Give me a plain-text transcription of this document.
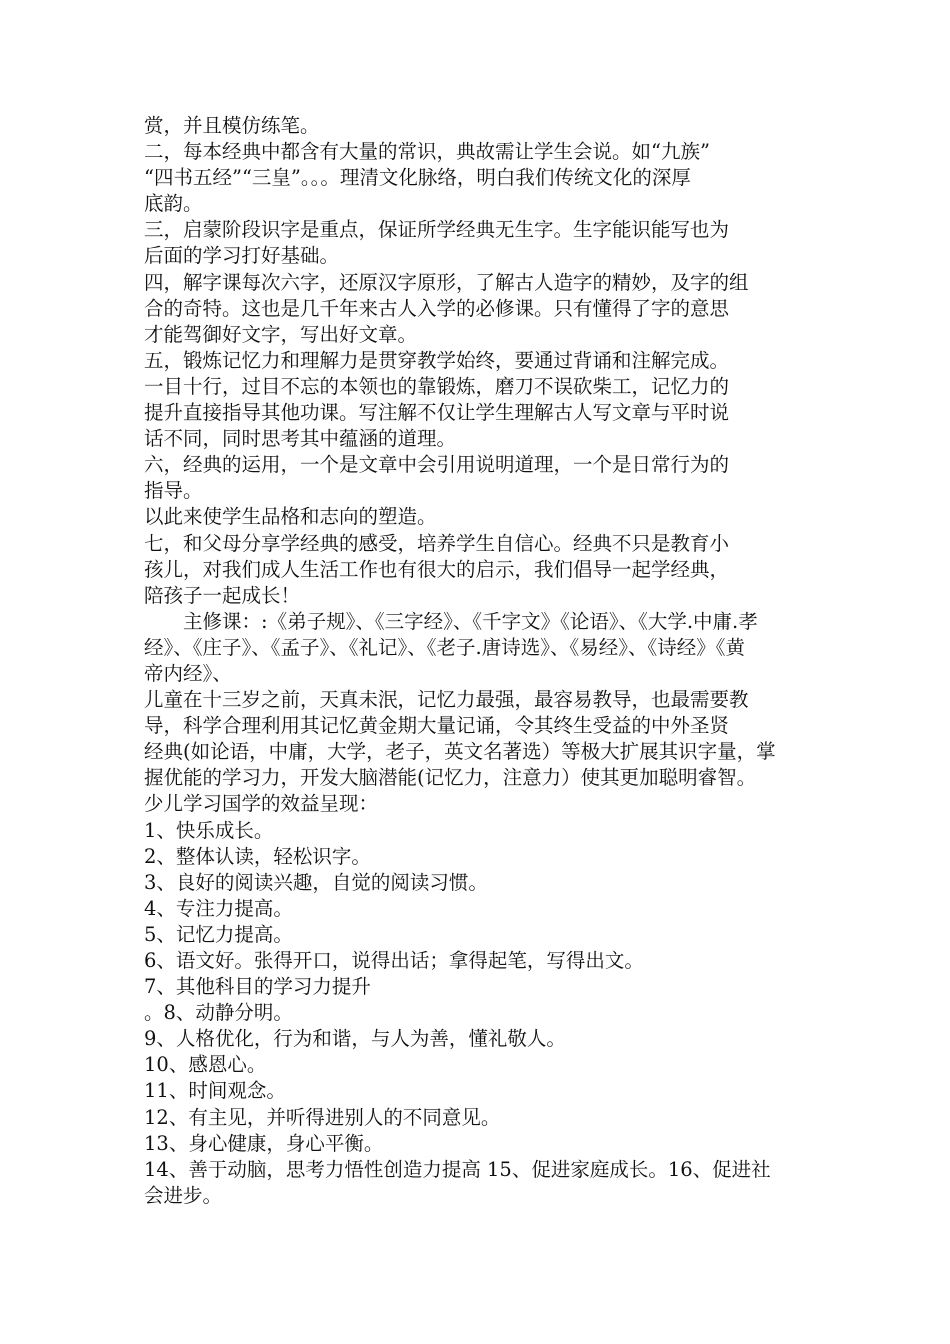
赏，并且模仿练笔。
二，每本经典中都含有大量的常识，典故需让学生会说。如“九族”
“四书五经”“三皇”。。。理清文化脉络，明白我们传统文化的深厚
底韵。
三，启蒙阶段识字是重点，保证所学经典无生字。生字能识能写也为
后面的学习打好基础。
四，解字课每次六字，还原汉字原形，了解古人造字的精妙，及字的组
合的奇特。这也是几千年来古人入学的必修课。只有懂得了字的意思
才能驾御好文字，写出好文章。
五，锻炼记忆力和理解力是贯穿教学始终，要通过背诵和注解完成。
一目十行，过目不忘的本领也的靠锻炼，磨刀不误砍柴工，记忆力的
提升直接指导其他功课。写注解不仅让学生理解古人写文章与平时说
话不同，同时思考其中蕴涵的道理。
六，经典的运用，一个是文章中会引用说明道理，一个是日常行为的
指导。
以此来使学生品格和志向的塑造。
七，和父母分享学经典的感受，培养学生自信心。经典不只是教育小
孩儿，对我们成人生活工作也有很大的启示，我们倡导一起学经典，
陪孩子一起成长！
　　主修课：:《弟子规》、《三字经》、《千字文》《论语》、《大学.中庸.孝
经》、《庄子》、《孟子》、《礼记》、《老子.唐诗选》、《易经》、《诗经》《黄
帝内经》、
儿童在十三岁之前，天真未泯，记忆力最强，最容易教导，也最需要教
导，科学合理利用其记忆黄金期大量记诵，令其终生受益的中外圣贤
经典(如论语，中庸，大学，老子，英文名著选）等极大扩展其识字量，掌
握优能的学习力，开发大脑潜能(记忆力，注意力）使其更加聪明睿智。
少儿学习国学的效益呈现：
1、快乐成长。
2、整体认读，轻松识字。
3、良好的阅读兴趣，自觉的阅读习惯。
4、专注力提高。
5、记忆力提高。
6、语文好。张得开口，说得出话；拿得起笔，写得出文。
7、其他科目的学习力提升
。8、动静分明。
9、人格优化，行为和谐，与人为善，懂礼敬人。
10、感恩心。
11、时间观念。
12、有主见，并听得进别人的不同意见。
13、身心健康，身心平衡。
14、善于动脑，思考力悟性创造力提高 15、促进家庭成长。16、促进社
会进步。
